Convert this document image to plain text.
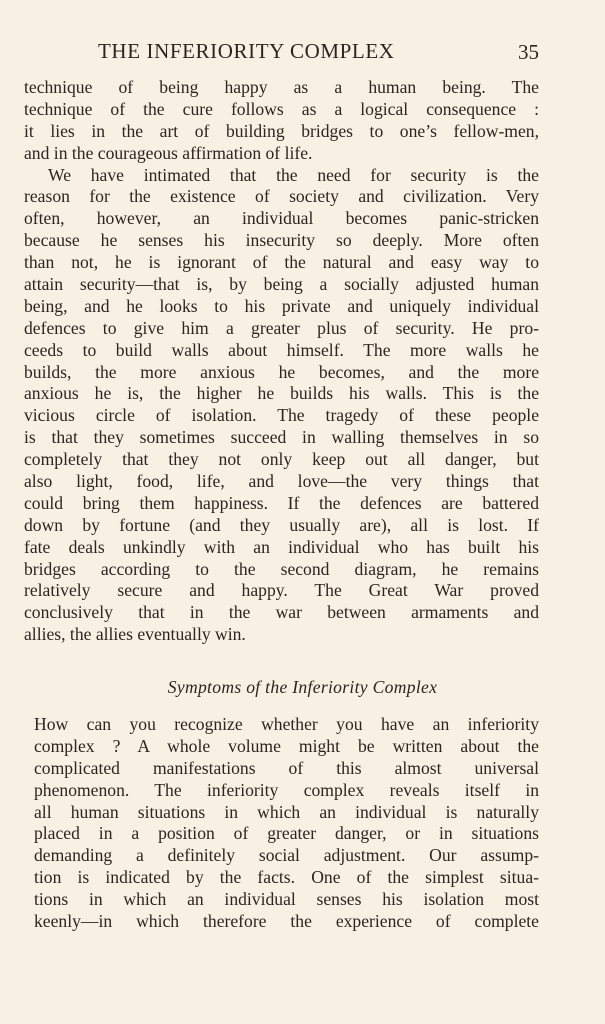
THE INFERIORITY COMPLEX	35
technique of being happy as a human being. The
technique of the cure follows as a logical consequence :
it lies in the art of building bridges to one’s fellow-men,
and in the courageous affirmation of life.
We have intimated that the need for security is the
reason for the existence of society and civilization. Very
often, however, an individual becomes panic-stricken
because he senses his insecurity so deeply. More often
than not, he is ignorant of the natural and easy way to
attain security—that is, by being a socially adjusted human
being, and he looks to his private and uniquely individual
defences to give him a greater plus of security. He pro-
ceeds to build walls about himself. The more walls he
builds, the more anxious he becomes, and the more
anxious he is, the higher he builds his walls. This is the
vicious circle of isolation. The tragedy of these people
is that they sometimes succeed in walling themselves in so
completely that they not only keep out all danger, but
also light, food, life, and love—the very things that
could bring them happiness. If the defences are battered
down by fortune (and they usually are), all is lost. If
fate deals unkindly with an individual who has built his
bridges according to the second diagram, he remains
relatively secure and happy. The Great War proved
conclusively that in the war between armaments and
allies, the allies eventually win.
Symptoms of the Inferiority Complex
How can you recognize whether you have an inferiority
complex ? A whole volume might be written about the
complicated manifestations of this almost universal
phenomenon. The inferiority complex reveals itself in
all human situations in which an individual is naturally
placed in a position of greater danger, or in situations
demanding a definitely social adjustment. Our assump-
tion is indicated by the facts. One of the simplest situa-
tions in which an individual senses his isolation most
keenly—in which therefore the experience of complete
